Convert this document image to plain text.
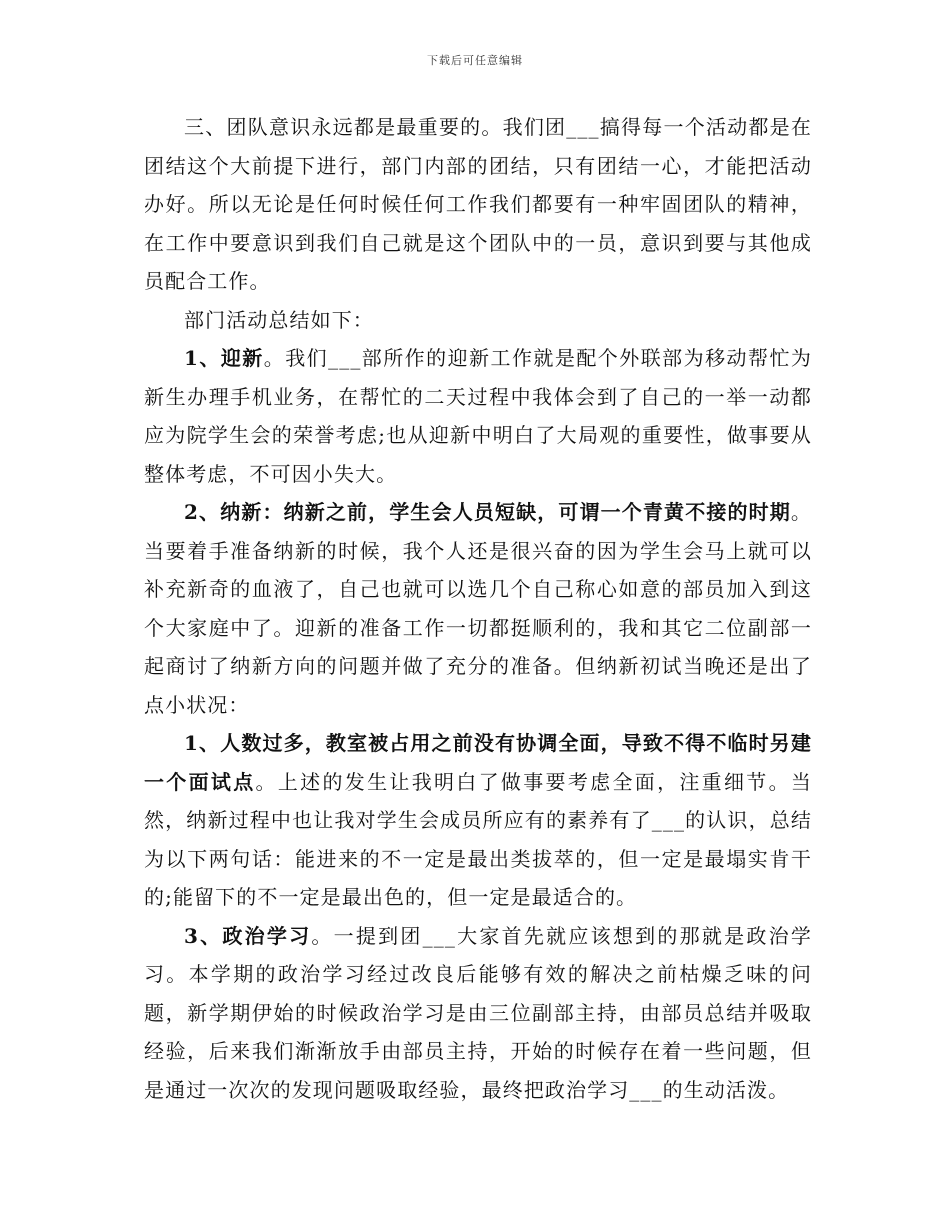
下载后可任意编辑

三、团队意识永远都是最重要的。我们团___搞得每一个活动都是在团结这个大前提下进行，部门内部的团结，只有团结一心，才能把活动办好。所以无论是任何时候任何工作我们都要有一种牢固团队的精神，在工作中要意识到我们自己就是这个团队中的一员，意识到要与其他成员配合工作。

部门活动总结如下：

1、迎新。我们___部所作的迎新工作就是配个外联部为移动帮忙为新生办理手机业务，在帮忙的二天过程中我体会到了自己的一举一动都应为院学生会的荣誉考虑;也从迎新中明白了大局观的重要性，做事要从整体考虑，不可因小失大。

2、纳新：纳新之前，学生会人员短缺，可谓一个青黄不接的时期。当要着手准备纳新的时候，我个人还是很兴奋的因为学生会马上就可以补充新奇的血液了，自己也就可以选几个自己称心如意的部员加入到这个大家庭中了。迎新的准备工作一切都挺顺利的，我和其它二位副部一起商讨了纳新方向的问题并做了充分的准备。但纳新初试当晚还是出了点小状况：

1、人数过多，教室被占用之前没有协调全面，导致不得不临时另建一个面试点。上述的发生让我明白了做事要考虑全面，注重细节。当然，纳新过程中也让我对学生会成员所应有的素养有了___的认识，总结为以下两句话：能进来的不一定是最出类拔萃的，但一定是最塌实肯干的;能留下的不一定是最出色的，但一定是最适合的。

3、政治学习。一提到团___大家首先就应该想到的那就是政治学习。本学期的政治学习经过改良后能够有效的解决之前枯燥乏味的问题，新学期伊始的时候政治学习是由三位副部主持，由部员总结并吸取经验，后来我们渐渐放手由部员主持，开始的时候存在着一些问题，但是通过一次次的发现问题吸取经验，最终把政治学习___的生动活泼。
